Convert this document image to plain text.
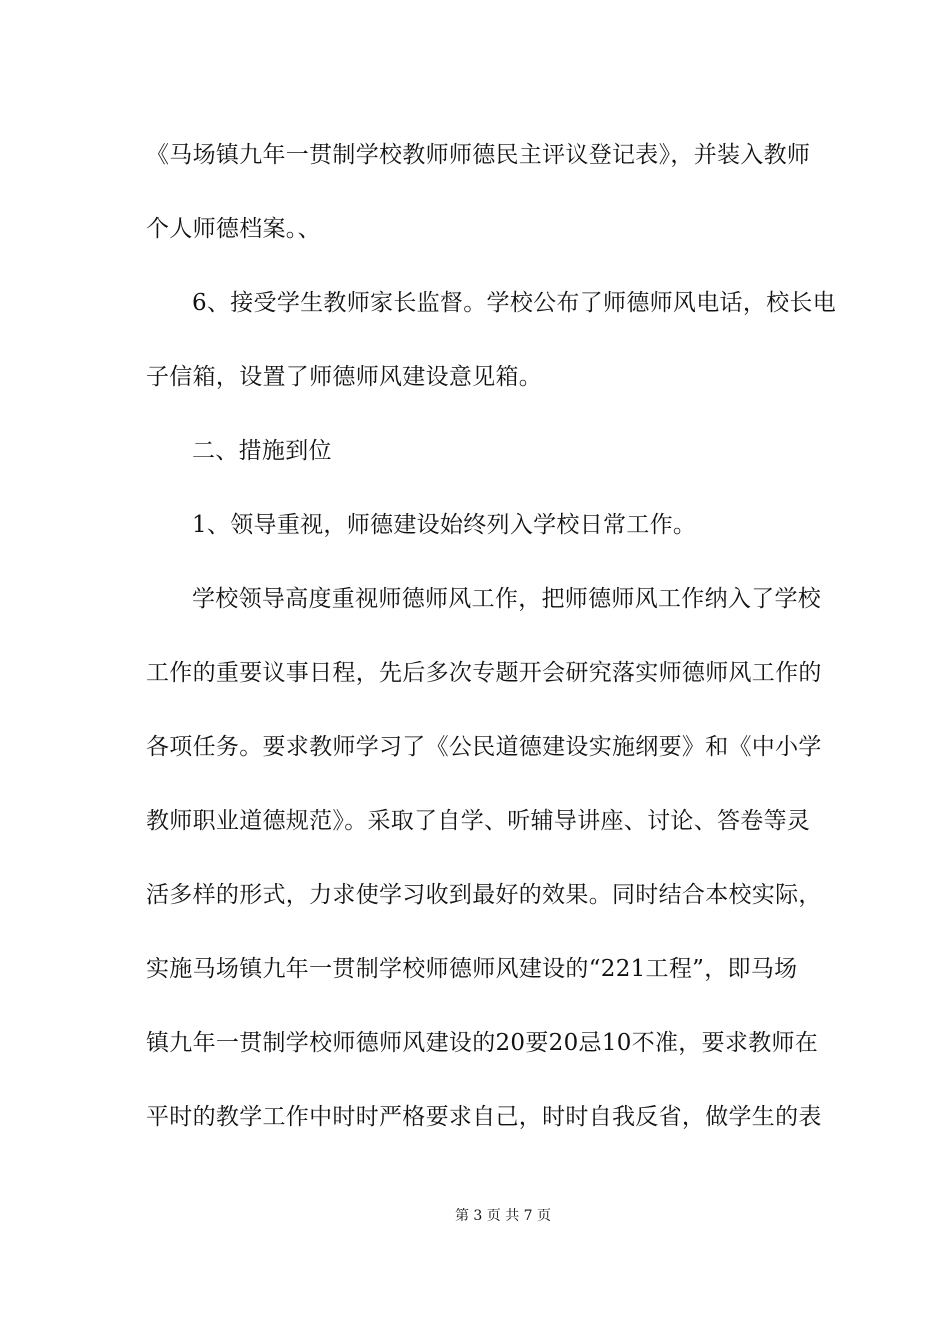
《马场镇九年一贯制学校教师师德民主评议登记表》，并装入教师
个人师德档案。、
6、接受学生教师家长监督。学校公布了师德师风电话，校长电
子信箱，设置了师德师风建设意见箱。
二、措施到位
1、领导重视，师德建设始终列入学校日常工作。
学校领导高度重视师德师风工作，把师德师风工作纳入了学校
工作的重要议事日程，先后多次专题开会研究落实师德师风工作的
各项任务。要求教师学习了《公民道德建设实施纲要》和《中小学
教师职业道德规范》。采取了自学、听辅导讲座、讨论、答卷等灵
活多样的形式，力求使学习收到最好的效果。同时结合本校实际，
实施马场镇九年一贯制学校师德师风建设的“221工程”，即马场
镇九年一贯制学校师德师风建设的20要20忌10不准，要求教师在
平时的教学工作中时时严格要求自己，时时自我反省，做学生的表
第 3 页 共 7 页
